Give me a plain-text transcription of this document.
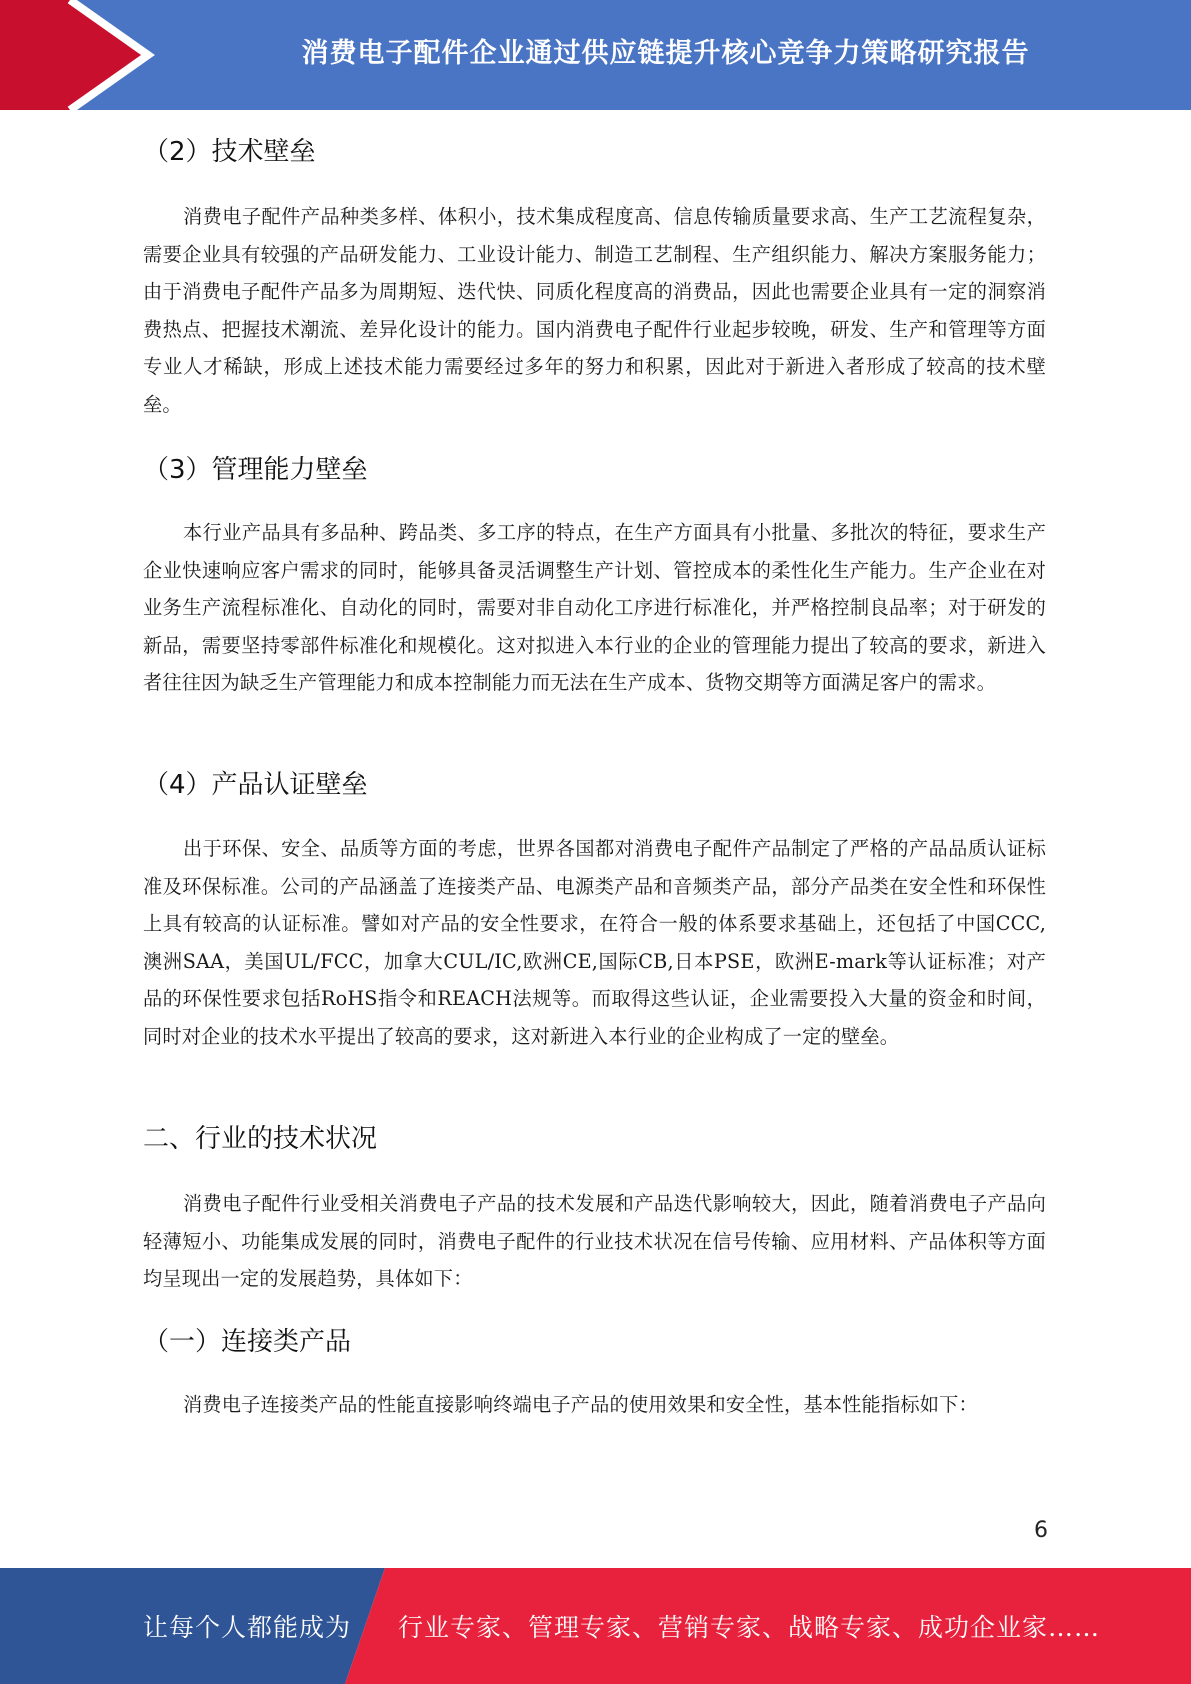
消费电子配件企业通过供应链提升核心竞争力策略研究报告
（2）技术壁垒
消费电子配件产品种类多样、体积小，技术集成程度高、信息传输质量要求高、生产工艺流程复杂，需要企业具有较强的产品研发能力、工业设计能力、制造工艺制程、生产组织能力、解决方案服务能力；由于消费电子配件产品多为周期短、迭代快、同质化程度高的消费品，因此也需要企业具有一定的洞察消费热点、把握技术潮流、差异化设计的能力。国内消费电子配件行业起步较晚，研发、生产和管理等方面专业人才稀缺，形成上述技术能力需要经过多年的努力和积累，因此对于新进入者形成了较高的技术壁垒。
（3）管理能力壁垒
本行业产品具有多品种、跨品类、多工序的特点，在生产方面具有小批量、多批次的特征，要求生产企业快速响应客户需求的同时，能够具备灵活调整生产计划、管控成本的柔性化生产能力。生产企业在对业务生产流程标准化、自动化的同时，需要对非自动化工序进行标准化，并严格控制良品率；对于研发的新品，需要坚持零部件标准化和规模化。这对拟进入本行业的企业的管理能力提出了较高的要求，新进入者往往因为缺乏生产管理能力和成本控制能力而无法在生产成本、货物交期等方面满足客户的需求。
（4）产品认证壁垒
出于环保、安全、品质等方面的考虑，世界各国都对消费电子配件产品制定了严格的产品品质认证标准及环保标准。公司的产品涵盖了连接类产品、电源类产品和音频类产品，部分产品类在安全性和环保性上具有较高的认证标准。譬如对产品的安全性要求，在符合一般的体系要求基础上，还包括了中国CCC,澳洲SAA，美国UL/FCC，加拿大CUL/IC,欧洲CE,国际CB,日本PSE，欧洲E-mark等认证标准；对产品的环保性要求包括RoHS指令和REACH法规等。而取得这些认证，企业需要投入大量的资金和时间，同时对企业的技术水平提出了较高的要求，这对新进入本行业的企业构成了一定的壁垒。
二、行业的技术状况
消费电子配件行业受相关消费电子产品的技术发展和产品迭代影响较大，因此，随着消费电子产品向轻薄短小、功能集成发展的同时，消费电子配件的行业技术状况在信号传输、应用材料、产品体积等方面均呈现出一定的发展趋势，具体如下：
（一）连接类产品
消费电子连接类产品的性能直接影响终端电子产品的使用效果和安全性，基本性能指标如下：
6
让每个人都能成为 行业专家、管理专家、营销专家、战略专家、成功企业家……
